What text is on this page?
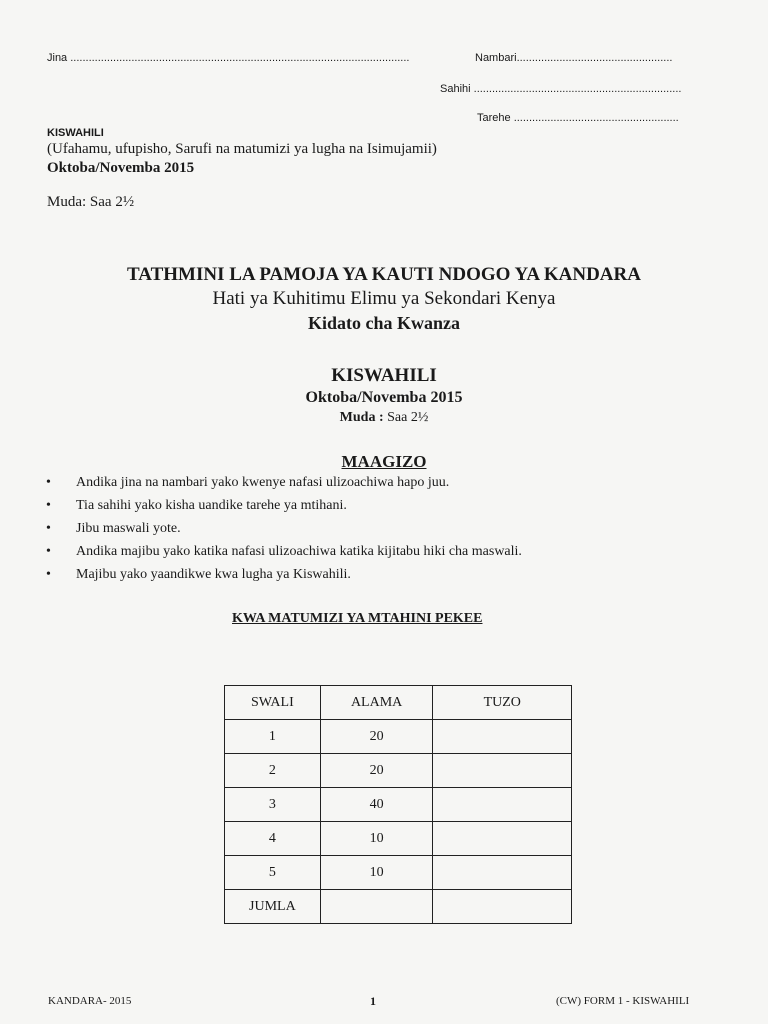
Jina ...............................................................................................................	Nambari...................................................
Sahihi ....................................................................
Tarehe ......................................................
KISWAHILI
(Ufahamu, ufupisho, Sarufi na matumizi ya lugha na Isimujamii)
Oktoba/Novemba 2015
Muda: Saa 2½
TATHMINI LA PAMOJA YA KAUTI NDOGO YA KANDARA
Hati ya Kuhitimu Elimu ya Sekondari Kenya
Kidato cha Kwanza
KISWAHILI
Oktoba/Novemba 2015
Muda : Saa 2½
MAAGIZO
• Andika jina na nambari yako kwenye nafasi ulizoachiwa hapo juu.
• Tia sahihi yako kisha uandike tarehe ya mtihani.
• Jibu maswali yote.
• Andika majibu yako katika nafasi ulizoachiwa katika kijitabu hiki cha maswali.
• Majibu yako yaandikwe kwa lugha ya Kiswahili.
KWA MATUMIZI YA MTAHINI PEKEE
SWALI	ALAMA	TUZO
1	20	
2	20	
3	40	
4	10	
5	10	
JUMLA		
KANDARA- 2015	1	(CW) FORM 1 - KISWAHILI
